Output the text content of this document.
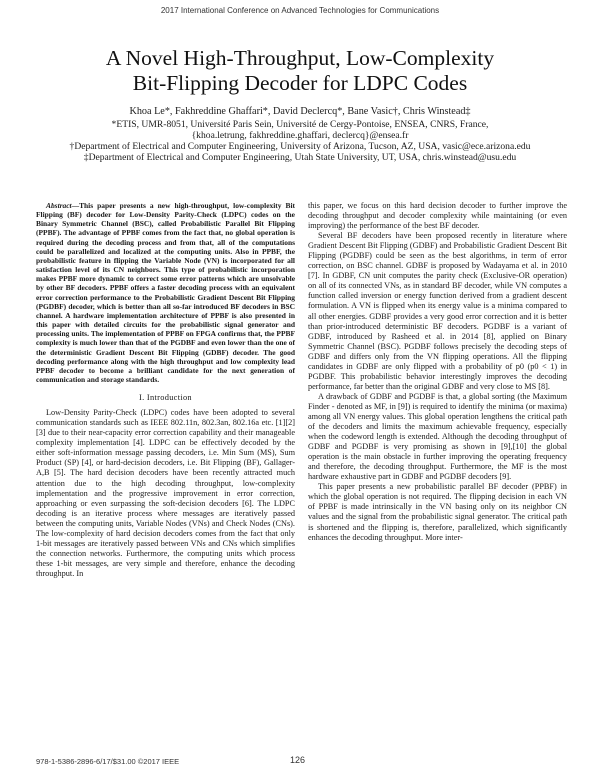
2017 International Conference on Advanced Technologies for Communications
A Novel High-Throughput, Low-Complexity
Bit-Flipping Decoder for LDPC Codes
Khoa Le*, Fakhreddine Ghaffari*, David Declercq*, Bane Vasic†, Chris Winstead‡
*ETIS, UMR-8051, Université Paris Sein, Université de Cergy-Pontoise, ENSEA, CNRS, France,
{khoa.letrung, fakhreddine.ghaffari, declercq}@ensea.fr
†Department of Electrical and Computer Engineering, University of Arizona, Tucson, AZ, USA, vasic@ece.arizona.edu
‡Department of Electrical and Computer Engineering, Utah State University, UT, USA, chris.winstead@usu.edu

Abstract—This paper presents a new high-throughput, low-complexity Bit Flipping (BF) decoder for Low-Density Parity-Check (LDPC) codes on the Binary Symmetric Channel (BSC), called Probabilistic Parallel Bit Flipping (PPBF). The advantage of PPBF comes from the fact that, no global operation is required during the decoding process and from that, all of the computations could be parallelized and localized at the computing units. Also in PPBF, the probabilistic feature in flipping the Variable Node (VN) is incorporated for all satisfaction level of its CN neighbors. This type of probabilistic incorporation makes PPBF more dynamic to correct some error patterns which are unsolvable by other BF decoders. PPBF offers a faster decoding process with an equivalent error correction performance to the Probabilistic Gradient Descent Bit Flipping (PGDBF) decoder, which is better than all so-far introduced BF decoders in BSC channel. A hardware implementation architecture of PPBF is also presented in this paper with detailed circuits for the probabilistic signal generator and processing units. The implementation of PPBF on FPGA confirms that, the PPBF complexity is much lower than that of the PGDBF and even lower than the one of the deterministic Gradient Descent Bit Flipping (GDBF) decoder. The good decoding performance along with the high throughput and low complexity lead PPBF decoder to become a brilliant candidate for the next generation of communication and storage standards.

I. Introduction

Low-Density Parity-Check (LDPC) codes have been adopted to several communication standards such as IEEE 802.11n, 802.3an, 802.16a etc. [1][2][3] due to their near-capacity error correction capability and their manageable complexity implementation [4]. LDPC can be effectively decoded by the either soft-information message passing decoders, i.e. Min Sum (MS), Sum Product (SP) [4], or hard-decision decoders, i.e. Bit Flipping (BF), Gallager-A,B [5]. The hard decision decoders have been recently attracted much attention due to the high decoding throughput, low-complexity implementation and the progressive improvement in error correction, approaching or even surpassing the soft-decision decoders [6]. The LDPC decoding is an iterative process where messages are iteratively passed between the computing units, Variable Nodes (VNs) and Check Nodes (CNs). The low-complexity of hard decision decoders comes from the fact that only 1-bit messages are iteratively passed between VNs and CNs which simplifies the connection networks. Furthermore, the computing units which process these 1-bit messages, are very simple and therefore, enhance the decoding throughput. In

this paper, we focus on this hard decision decoder to further improve the decoding throughput and decoder complexity while maintaining (or even improving) the performance of the best BF decoder.

Several BF decoders have been proposed recently in literature where Gradient Descent Bit Flipping (GDBF) and Probabilistic Gradient Descent Bit Flipping (PGDBF) could be seen as the best algorithms, in term of error correction, on BSC channel. GDBF is proposed by Wadayama et al. in 2010 [7]. In GDBF, CN unit computes the parity check (Exclusive-OR operation) on all of its connected VNs, as in standard BF decoder, while VN computes a function called inversion or energy function derived from a gradient descent formulation. A VN is flipped when its energy value is a minima compared to all other energies. GDBF provides a very good error correction and it is better than prior-introduced deterministic BF decoders. PGDBF is a variant of GDBF, introduced by Rasheed et al. in 2014 [8], applied on Binary Symmetric Channel (BSC). PGDBF follows precisely the decoding steps of GDBF and differs only from the VN flipping operations. All the flipping candidates in GDBF are only flipped with a probability of p0 (p0 < 1) in PGDBF. This probabilistic behavior interestingly improves the decoding performance, far better than the original GDBF and very close to MS [8].

A drawback of GDBF and PGDBF is that, a global sorting (the Maximum Finder - denoted as MF, in [9]) is required to identify the minima (or maxima) among all VN energy values. This global operation lengthens the critical path of the decoders and limits the maximum achievable frequency, especially when the codeword length is extended. Although the decoding throughput of GDBF and PGDBF is very promising as shown in [9],[10] the global operation is the main obstacle in further improving the operating frequency and therefore, the decoding throughput. Furthermore, the MF is the most hardware exhaustive part in GDBF and PGDBF decoders [9].

This paper presents a new probabilistic parallel BF decoder (PPBF) in which the global operation is not required. The flipping decision in each VN of PPBF is made intrinsically in the VN basing only on its neighbor CN values and the signal from the probabilistic signal generator. The critical path is shortened and the flipping is, therefore, parallelized, which significantly enhances the decoding throughput. More inter-

978-1-5386-2896-6/17/$31.00 ©2017 IEEE	126
